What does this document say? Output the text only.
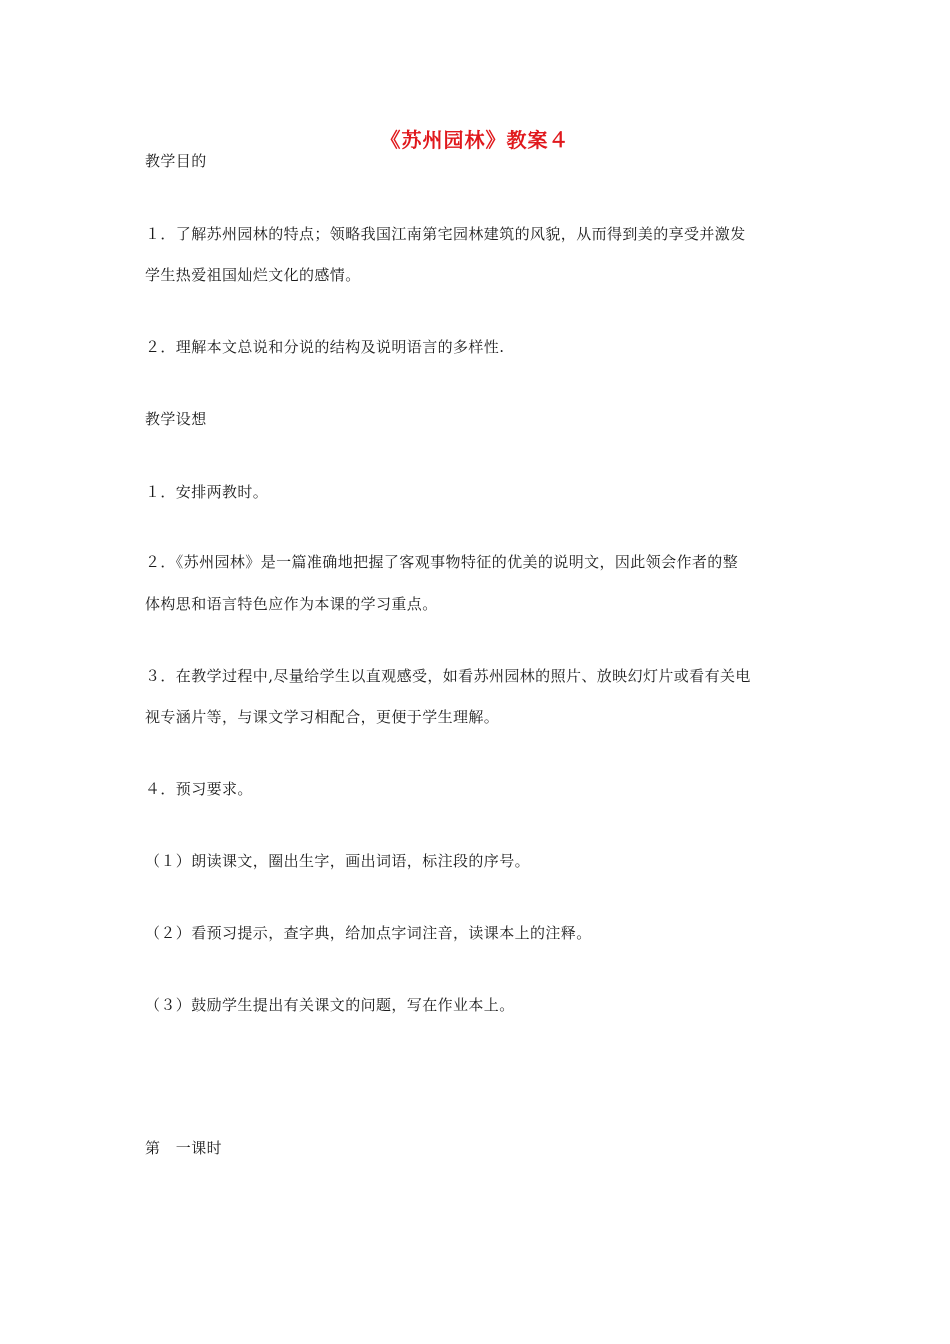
《苏州园林》教案４
教学目的
１．了解苏州园林的特点；领略我国江南第宅园林建筑的风貌，从而得到美的享受并激发
学生热爱祖国灿烂文化的感情。
２．理解本文总说和分说的结构及说明语言的多样性.
教学设想
１．安排两教时。
２．《苏州园林》是一篇准确地把握了客观事物特征的优美的说明文，因此领会作者的整
体构思和语言特色应作为本课的学习重点。
３．在教学过程中,尽量给学生以直观感受，如看苏州园林的照片、放映幻灯片或看有关电
视专涵片等，与课文学习相配合，更便于学生理解。
４．预习要求。
（１）朗读课文，圈出生字，画出词语，标注段的序号。
（２）看预习提示，查字典，给加点字词注音，读课本上的注释。
（３）鼓励学生提出有关课文的问题，写在作业本上。
第　一课时
